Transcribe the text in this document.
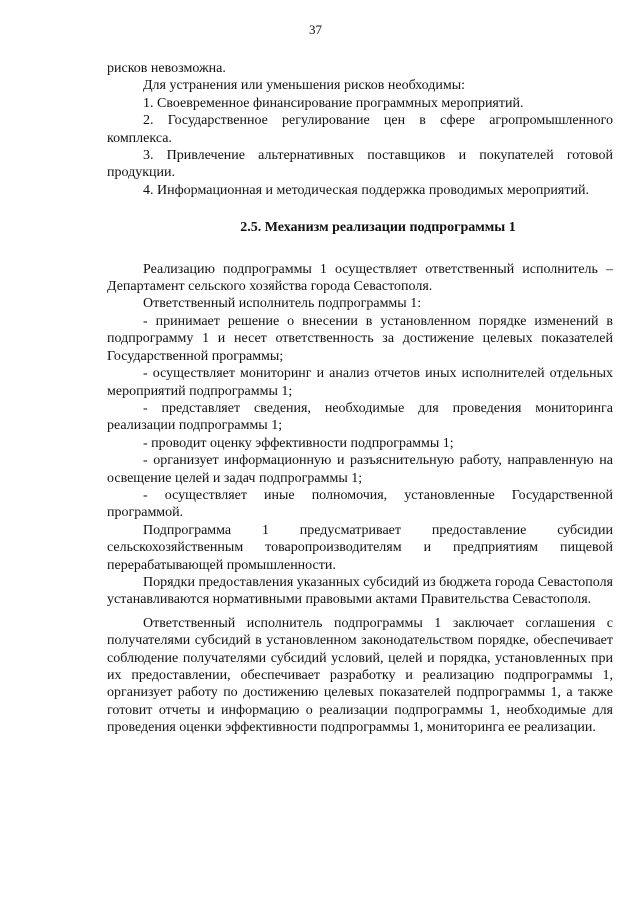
37

рисков невозможна.

Для устранения или уменьшения рисков необходимы:

1. Своевременное финансирование программных мероприятий.

2. Государственное регулирование цен в сфере агропромышленного комплекса.

3. Привлечение альтернативных поставщиков и покупателей готовой продукции.

4. Информационная и методическая поддержка проводимых мероприятий.

2.5. Механизм реализации подпрограммы 1

Реализацию подпрограммы 1 осуществляет ответственный исполнитель – Департамент сельского хозяйства города Севастополя.

Ответственный исполнитель подпрограммы 1:

- принимает решение о внесении в установленном порядке изменений в подпрограмму 1 и несет ответственность за достижение целевых показателей Государственной программы;

- осуществляет мониторинг и анализ отчетов иных исполнителей отдельных мероприятий подпрограммы 1;

- представляет сведения, необходимые для проведения мониторинга реализации подпрограммы 1;

- проводит оценку эффективности подпрограммы 1;

- организует информационную и разъяснительную работу, направленную на освещение целей и задач подпрограммы 1;

- осуществляет иные полномочия, установленные Государственной программой.

Подпрограмма 1 предусматривает предоставление субсидии сельскохозяйственным товаропроизводителям и предприятиям пищевой перерабатывающей промышленности.

Порядки предоставления указанных субсидий из бюджета города Севастополя устанавливаются нормативными правовыми актами Правительства Севастополя.

Ответственный исполнитель подпрограммы 1 заключает соглашения с получателями субсидий в установленном законодательством порядке, обеспечивает соблюдение получателями субсидий условий, целей и порядка, установленных при их предоставлении, обеспечивает разработку и реализацию подпрограммы 1, организует работу по достижению целевых показателей подпрограммы 1, а также готовит отчеты и информацию о реализации подпрограммы 1, необходимые для проведения оценки эффективности подпрограммы 1, мониторинга ее реализации.
